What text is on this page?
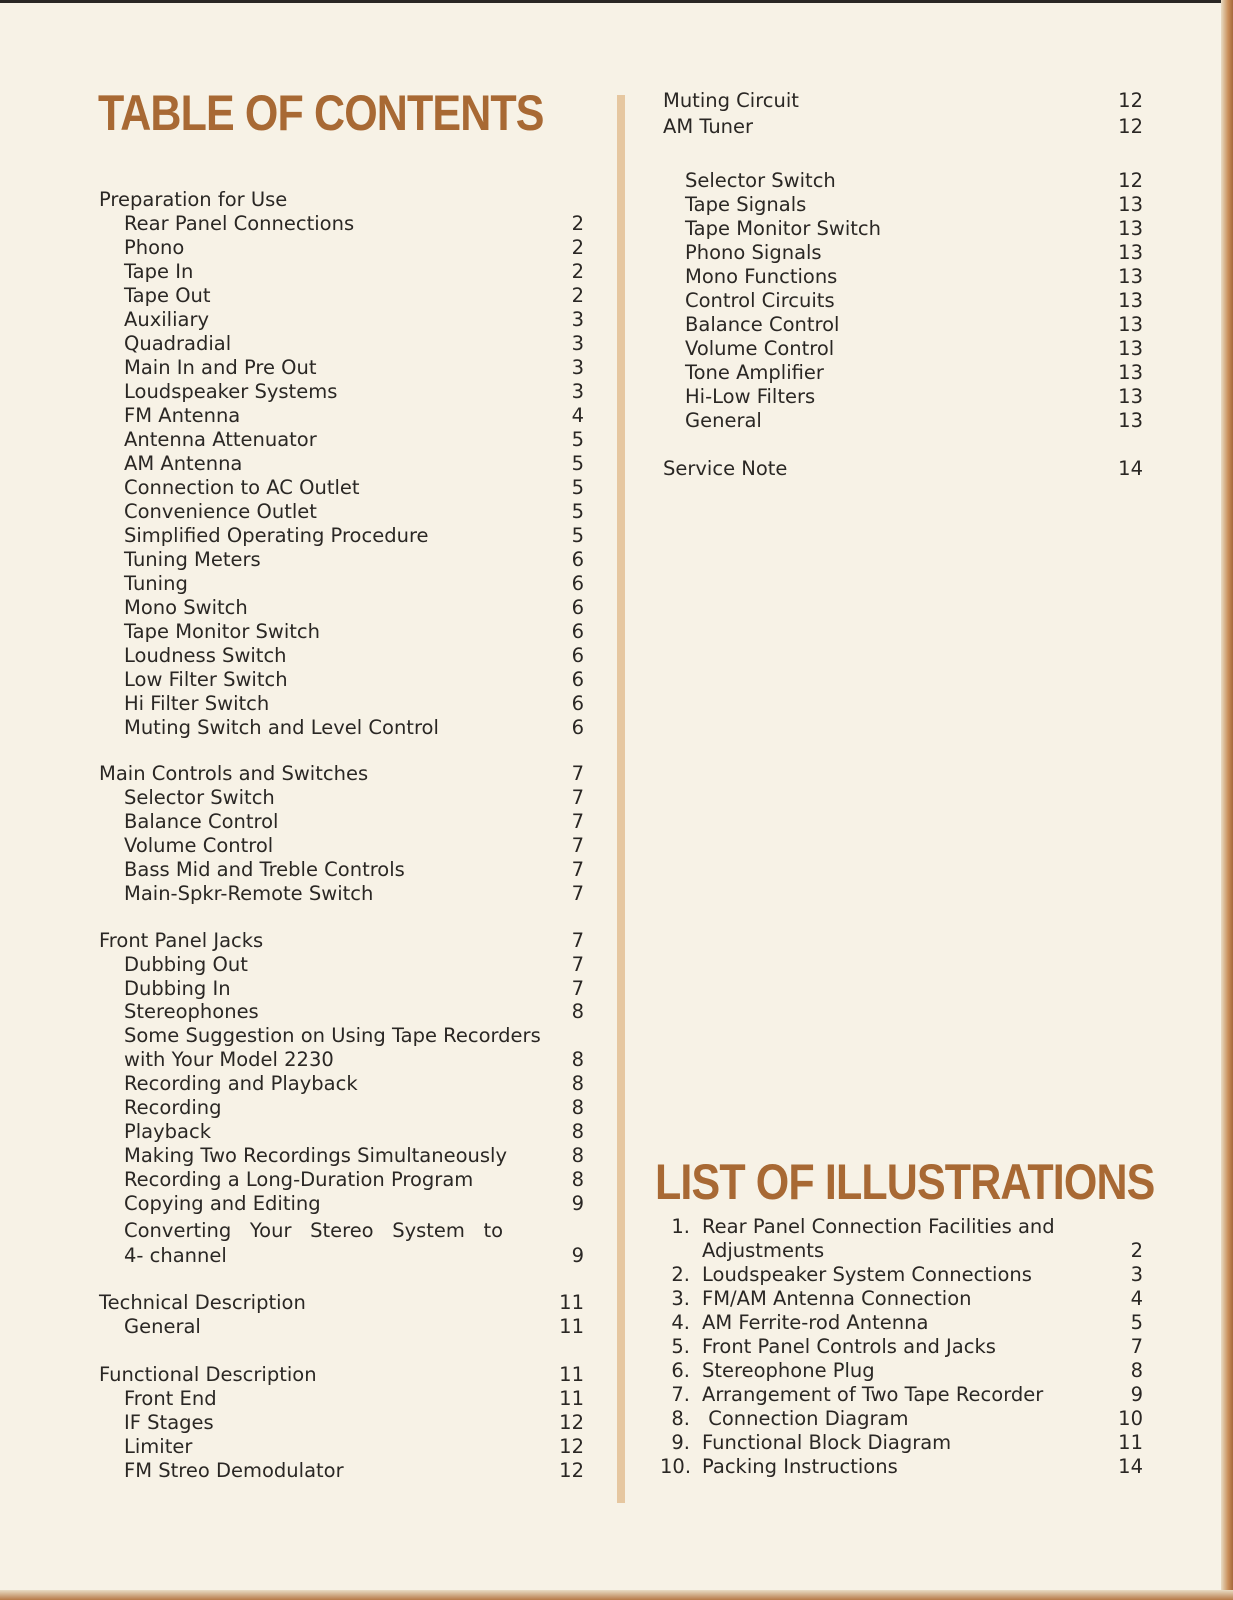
TABLE OF CONTENTS
LIST OF ILLUSTRATIONS
Preparation for Use
Rear Panel Connections	2
Phono	2
Tape In	2
Tape Out	2
Auxiliary	3
Quadradial	3
Main In and Pre Out	3
Loudspeaker Systems	3
FM Antenna	4
Antenna Attenuator	5
AM Antenna	5
Connection to AC Outlet	5
Convenience Outlet	5
Simplified Operating Procedure	5
Tuning Meters	6
Tuning	6
Mono Switch	6
Tape Monitor Switch	6
Loudness Switch	6
Low Filter Switch	6
Hi Filter Switch	6
Muting Switch and Level Control	6
Main Controls and Switches	7
Selector Switch	7
Balance Control	7
Volume Control	7
Bass Mid and Treble Controls	7
Main-Spkr-Remote Switch	7
Front Panel Jacks	7
Dubbing Out	7
Dubbing In	7
Stereophones	8
Some Suggestion on Using Tape Recorders
with Your Model 2230	8
Recording and Playback	8
Recording	8
Playback	8
Making Two Recordings Simultaneously	8
Recording a Long-Duration Program	8
Copying and Editing	9
Converting   Your   Stereo   System   to
4- channel	9
Technical Description	11
General	11
Functional Description	11
Front End	11
IF Stages	12
Limiter	12
FM Streo Demodulator	12
Muting Circuit	12
AM Tuner	12
Selector Switch	12
Tape Signals	13
Tape Monitor Switch	13
Phono Signals	13
Mono Functions	13
Control Circuits	13
Balance Control	13
Volume Control	13
Tone Amplifier	13
Hi-Low Filters	13
General	13
Service Note	14
1. Rear Panel Connection Facilities and
Adjustments	2
2. Loudspeaker System Connections	3
3. FM/AM Antenna Connection	4
4. AM Ferrite-rod Antenna	5
5. Front Panel Controls and Jacks	7
6. Stereophone Plug	8
7. Arrangement of Two Tape Recorder	9
8. Connection Diagram	10
9. Functional Block Diagram	11
10. Packing Instructions	14
